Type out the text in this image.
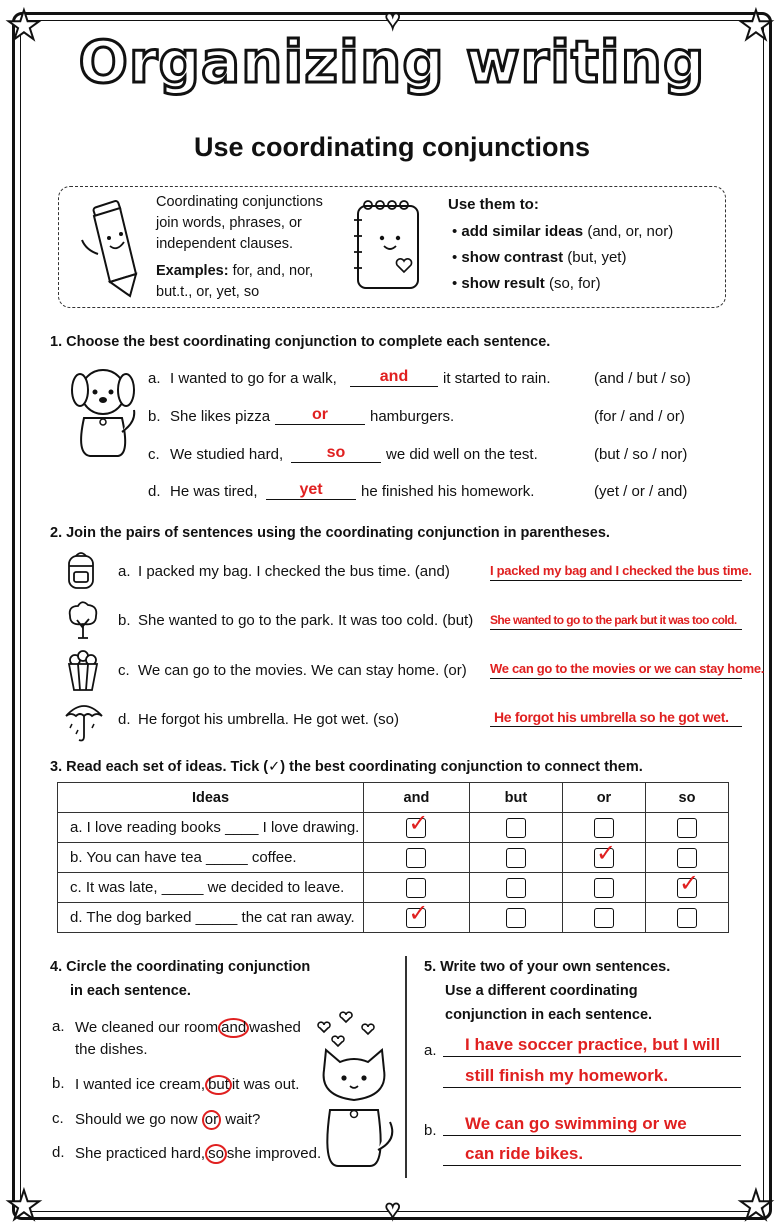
★	★
★	★
♥
♥
Organizing writing
Use coordinating conjunctions
Coordinating conjunctions
join words, phrases, or
independent clauses.
Examples: for, and, nor,
but.t., or, yet, so
Use them to:
• add similar ideas (and, or, nor)
• show contrast (but, yet)
• show result (so, for)
1. Choose the best coordinating conjunction to complete each sentence.
a. I wanted to go for a walk,	and	it started to rain.	(and / but / so)
b. She likes pizza	or	hamburgers.	(for / and / or)
c. We studied hard,	so	we did well on the test.	(but / so / nor)
d. He was tired,	yet	he finished his homework.	(yet / or / and)
2. Join the pairs of sentences using the coordinating conjunction in parentheses.
a. I packed my bag. I checked the bus time. (and)	I packed my bag and I checked the bus time.
b. She wanted to go to the park. It was too cold. (but) She wanted to go to the park but it was too cold.
c. We can go to the movies. We can stay home. (or) We can go to the movies or we can stay home.
d. He forgot his umbrella. He got wet. (so)	He forgot his umbrella so he got wet.
3. Read each set of ideas. Tick (✓) the best coordinating conjunction to connect them.
Ideas	and	but	or	so
a. I love reading books ____ I love drawing.	✓			

b. You can have tea _____ coffee.			✓	

c. It was late, _____ we decided to leave.				✓

d. The dog barked _____ the cat ran away.	✓			

4. Circle the coordinating conjunction
in each sentence.
a. We cleaned our room and washed
the dishes.
b. I wanted ice cream, but it was out.
c. Should we go now or wait?
d. She practiced hard, so she improved.
5. Write two of your own sentences.
Use a different coordinating
conjunction in each sentence.
a.	I have soccer practice, but I will
still finish my homework.
b.	We can go swimming or we
can ride bikes.
